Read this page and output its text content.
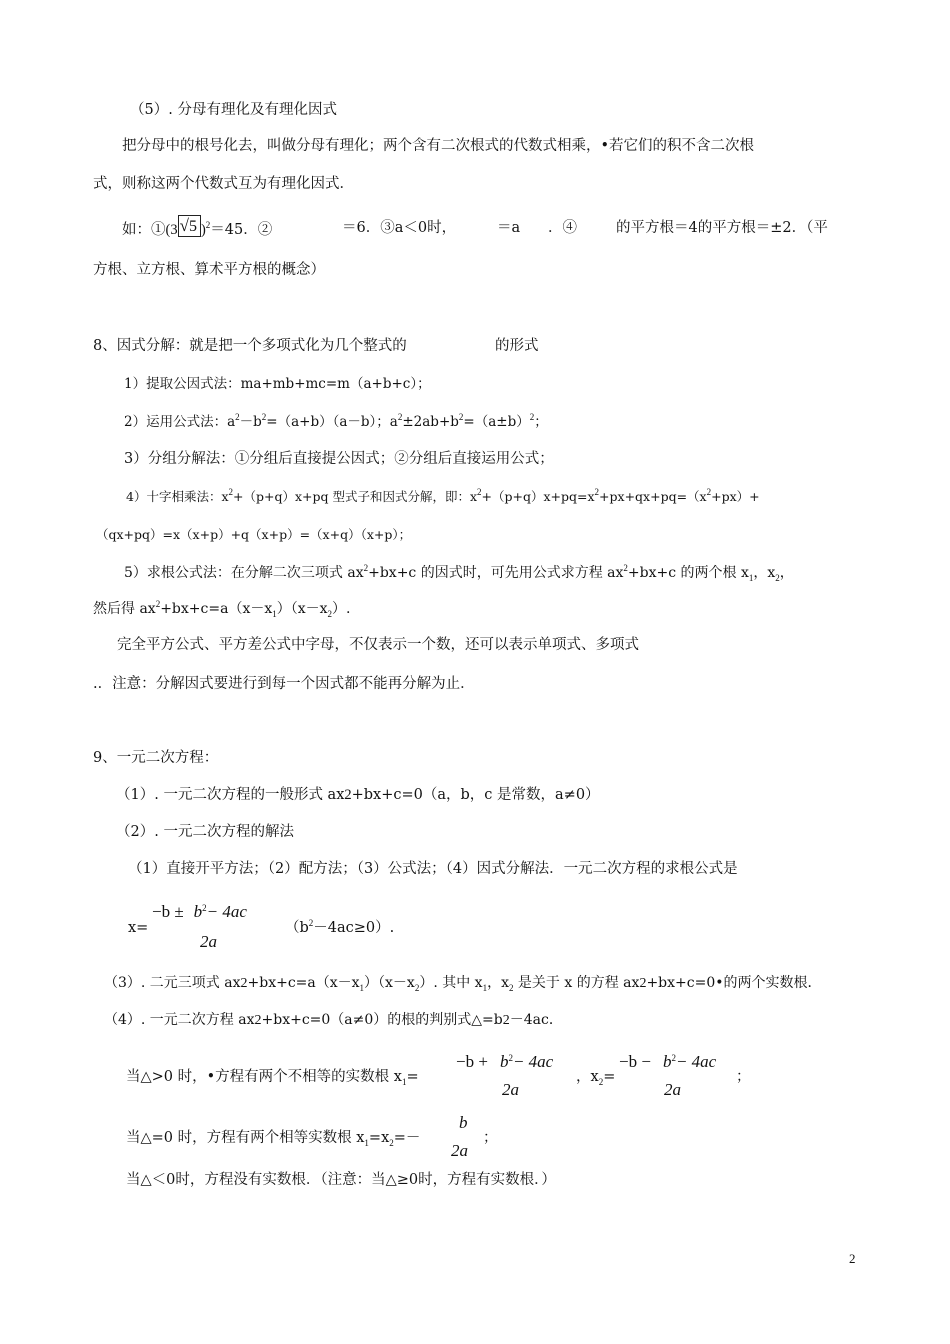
（5）. 分母有理化及有理化因式
把分母中的根号化去，叫做分母有理化；两个含有二次根式的代数式相乘，•若它们的积不含二次根
式，则称这两个代数式互为有理化因式．
如：①(3 √5 )$^2$＝45．②	＝6．③a＜0时，	＝a ．④	的平方根＝4的平方根＝±2．（平
方根、立方根、算术平方根的概念）
8、因式分解：就是把一个多项式化为几个整式的	的形式
1）提取公因式法：ma+mb+mc=m（a+b+c）；
2）运用公式法：$a^2-b^2=(a+b)(a-b)$；$a^2\pm 2ab+b^2=(a\pm b)^2$；
3）分组分解法：①分组后直接提公因式；②分组后直接运用公式；
4）十字相乘法：$x^2+(p+q)x+pq$ 型式子和因式分解，即：$x^2+(p+q)x+pq=x^2+px+qx+pq=(x^2+px)+$
（qx+pq）=x（x+p）+q（x+p）=（x+q）（x+p）；
5）求根公式法：在分解二次三项式 $ax^2+bx+c$ 的因式时，可先用公式求方程 $ax^2+bx+c$ 的两个根 $x_1$，$x_2$，
然后得 $ax^2+bx+c=a(x-x_1)(x-x_2)$.
完全平方公式、平方差公式中字母，不仅表示一个数，还可以表示单项式、多项式
.．注意：分解因式要进行到每一个因式都不能再分解为止．
9、一元二次方程：
（1）. 一元二次方程的一般形式 ax2+bx+c=0（a，b，c 是常数，a≠0）
（2）. 一元二次方程的解法
（1）直接开平方法；（2）配方法；（3）公式法；（4）因式分解法．一元二次方程的求根公式是
x=
$-b \pm b^2- 4ac$
2a
$(b^2-4ac\ge 0)$.
（3）. 二元三项式 $ax2+bx+c=a(x-x_1)(x-x_2)$. 其中 $x_1$，$x_2$ 是关于 x 的方程 ax2+bx+c=0•的两个实数根．
（4）. 一元二次方程 ax2+bx+c=0（a≠0）的根的判别式△=b2－4ac．
当△>0 时，•方程有两个不相等的实数根 $x_1=$
$-b + b^2- 4ac$
2a
，$x_2=$
$-b - b^2- 4ac$
2a
；
当△=0 时，方程有两个相等实数根 $x_1=x_2=-$
b
2a
；
当△＜0时，方程没有实数根．（注意：当△≥0时，方程有实数根．）
2
